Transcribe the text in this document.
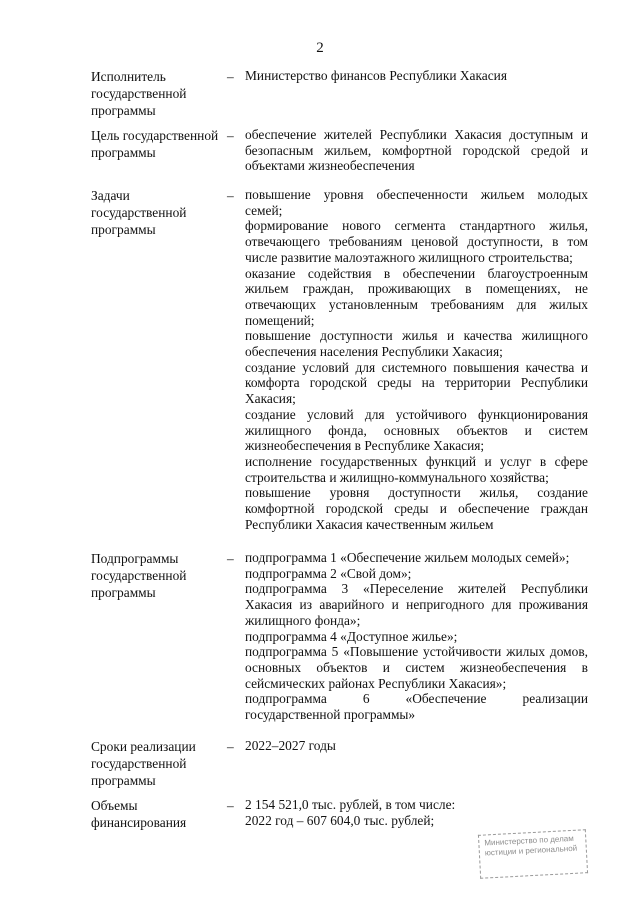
2
Исполнитель государственной программы
– Министерство финансов Республики Хакасия
Цель государственной программы
– обеспечение жителей Республики Хакасия доступным и безопасным жильем, комфортной городской средой и объектами жизнеобеспечения
Задачи государственной программы
– повышение уровня обеспеченности жильем молодых семей;
формирование нового сегмента стандартного жилья, отвечающего требованиям ценовой доступности, в том числе развитие малоэтажного жилищного строительства;
оказание содействия в обеспечении благоустроенным жильем граждан, проживающих в помещениях, не отвечающих установленным требованиям для жилых помещений;
повышение доступности жилья и качества жилищного обеспечения населения Республики Хакасия;
создание условий для системного повышения качества и комфорта городской среды на территории Республики Хакасия;
создание условий для устойчивого функционирования жилищного фонда, основных объектов и систем жизнеобеспечения в Республике Хакасия;
исполнение государственных функций и услуг в сфере строительства и жилищно-коммунального хозяйства;
повышение уровня доступности жилья, создание комфортной городской среды и обеспечение граждан Республики Хакасия качественным жильем
Подпрограммы государственной программы
– подпрограмма 1 «Обеспечение жильем молодых семей»;
подпрограмма 2 «Свой дом»;
подпрограмма 3 «Переселение жителей Республики Хакасия из аварийного и непригодного для проживания жилищного фонда»;
подпрограмма 4 «Доступное жилье»;
подпрограмма 5 «Повышение устойчивости жилых домов, основных объектов и систем жизнеобеспечения в сейсмических районах Республики Хакасия»;
подпрограмма 6 «Обеспечение реализации государственной программы»
Сроки реализации государственной программы
– 2022–2027 годы
Объемы финансирования
– 2 154 521,0 тыс. рублей, в том числе:
2022 год – 607 604,0 тыс. рублей;
Министерство по делам юстиции и региональной
